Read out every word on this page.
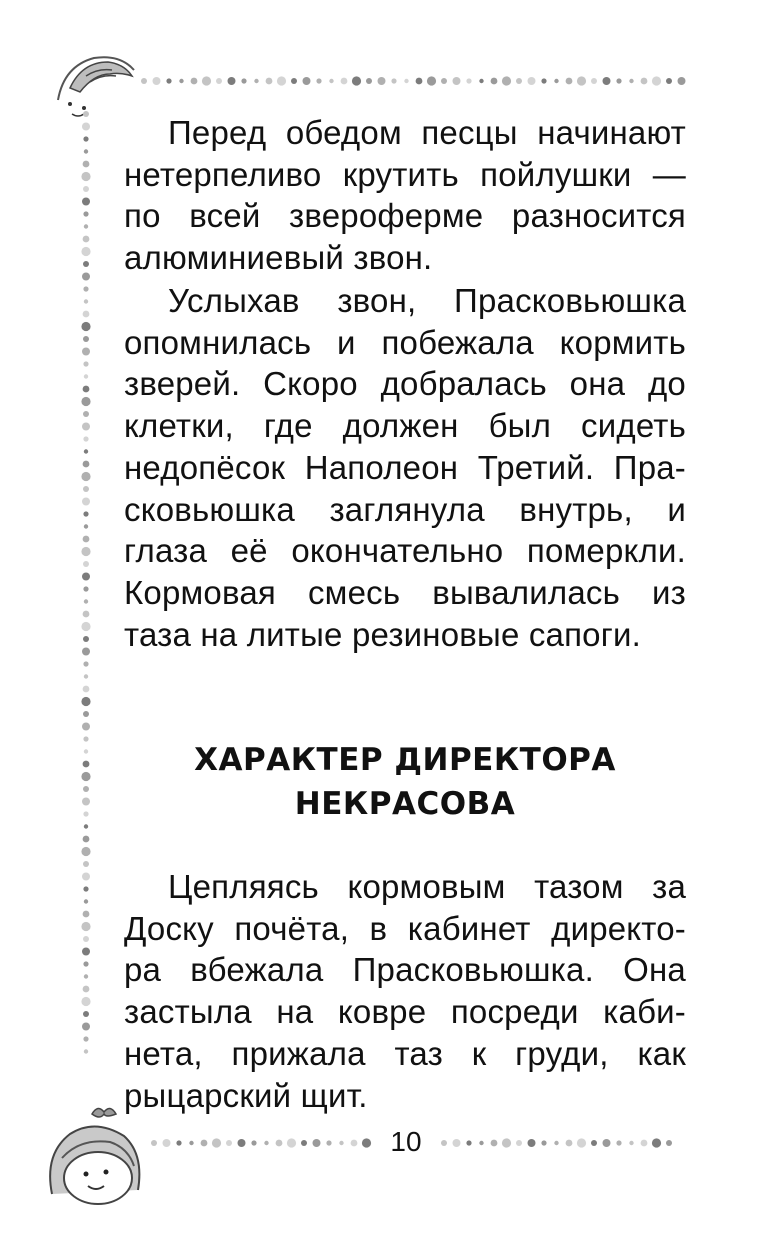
Перед обедом песцы начинают
нетерпеливо крутить пойлушки —
по всей звероферме разносится
алюминиевый звон.

Услыхав звон, Прасковьюшка
опомнилась и побежала кормить
зверей. Скоро добралась она до
клетки, где должен был сидеть
недопёсок Наполеон Третий. Пра-
сковьюшка заглянула внутрь, и
глаза её окончательно померкли.
Кормовая смесь вывалилась из
таза на литые резиновые сапоги.

ХАРАКТЕР ДИРЕКТОРА
НЕКРАСОВА

Цепляясь кормовым тазом за
Доску почёта, в кабинет директо-
ра вбежала Прасковьюшка. Она
застыла на ковре посреди каби-
нета, прижала таз к груди, как
рыцарский щит.

10
